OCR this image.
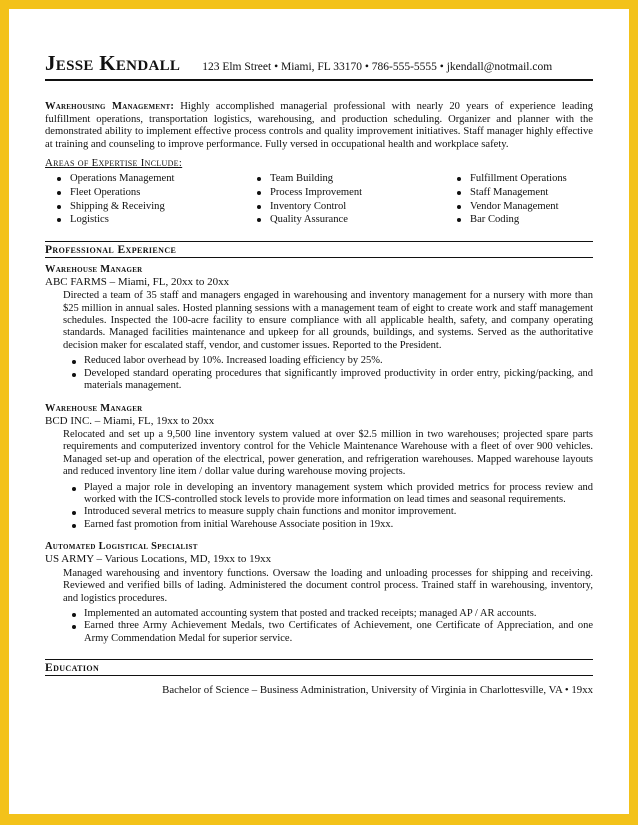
Jesse Kendall 123 Elm Street • Miami, FL 33170 • 786-555-5555 • jkendall@notmail.com

Warehousing Management: Highly accomplished managerial professional with nearly 20 years of experience leading fulfillment operations, transportation logistics, warehousing, and production scheduling. Organizer and planner with the demonstrated ability to implement effective process controls and quality improvement initiatives. Staff manager highly effective at training and counseling to improve performance. Fully versed in occupational health and workplace safety.

Areas of Expertise Include:
Operations Management
Fleet Operations
Shipping & Receiving
Logistics
Team Building
Process Improvement
Inventory Control
Quality Assurance
Fulfillment Operations
Staff Management
Vendor Management
Bar Coding
Professional Experience
Warehouse Manager
ABC FARMS – Miami, FL, 20xx to 20xx

Directed a team of 35 staff and managers engaged in warehousing and inventory management for a nursery with more than $25 million in annual sales. Hosted planning sessions with a management team of eight to create work and staff management schedules. Inspected the 100-acre facility to ensure compliance with all applicable health, safety, and company operating standards. Managed facilities maintenance and upkeep for all grounds, buildings, and systems. Served as the authoritative decision maker for escalated staff, vendor, and customer issues. Reported to the President.

Reduced labor overhead by 10%. Increased loading efficiency by 25%.
Developed standard operating procedures that significantly improved productivity in order entry, picking/packing, and materials management.
Warehouse Manager
BCD INC. – Miami, FL, 19xx to 20xx

Relocated and set up a 9,500 line inventory system valued at over $2.5 million in two warehouses; projected spare parts requirements and computerized inventory control for the Vehicle Maintenance Warehouse with a fleet of over 900 vehicles. Managed set-up and operation of the electrical, power generation, and refrigeration warehouses. Mapped warehouse layouts and reduced inventory line item / dollar value during warehouse moving projects.

Played a major role in developing an inventory management system which provided metrics for process review and worked with the ICS-controlled stock levels to provide more information on lead times and seasonal requirements.
Introduced several metrics to measure supply chain functions and monitor improvement.
Earned fast promotion from initial Warehouse Associate position in 19xx.
Automated Logistical Specialist
US ARMY – Various Locations, MD, 19xx to 19xx

Managed warehousing and inventory functions. Oversaw the loading and unloading processes for shipping and receiving. Reviewed and verified bills of lading. Administered the document control process. Trained staff in warehousing, inventory, and logistics procedures.

Implemented an automated accounting system that posted and tracked receipts; managed AP / AR accounts.
Earned three Army Achievement Medals, two Certificates of Achievement, one Certificate of Appreciation, and one Army Commendation Medal for superior service.
Education
Bachelor of Science – Business Administration, University of Virginia in Charlottesville, VA • 19xx
